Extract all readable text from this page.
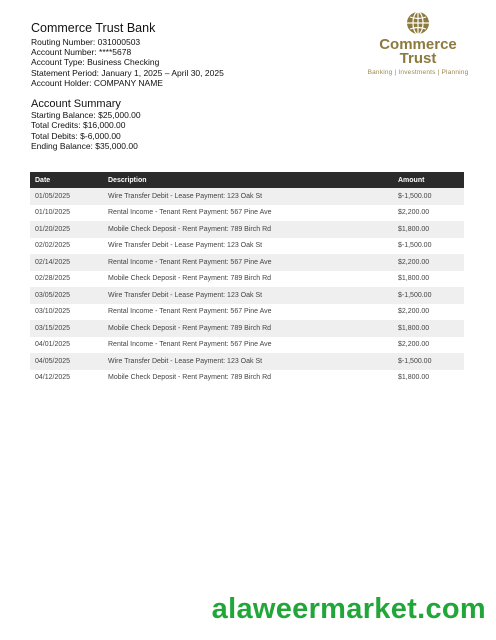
Commerce Trust Bank
Routing Number: 031000503
Account Number: ****5678
Account Type: Business Checking
Statement Period: January 1, 2025 – April 30, 2025
Account Holder: COMPANY NAME
Commerce
Trust
Banking | Investments | Planning
Account Summary
Starting Balance: $25,000.00
Total Credits: $16,000.00
Total Debits: $-6,000.00
Ending Balance: $35,000.00
Date	Description	Amount
01/05/2025	Wire Transfer Debit - Lease Payment: 123 Oak St	$-1,500.00
01/10/2025	Rental Income - Tenant Rent Payment: 567 Pine Ave	$2,200.00
01/20/2025	Mobile Check Deposit - Rent Payment: 789 Birch Rd	$1,800.00
02/02/2025	Wire Transfer Debit - Lease Payment: 123 Oak St	$-1,500.00
02/14/2025	Rental Income - Tenant Rent Payment: 567 Pine Ave	$2,200.00
02/28/2025	Mobile Check Deposit - Rent Payment: 789 Birch Rd	$1,800.00
03/05/2025	Wire Transfer Debit - Lease Payment: 123 Oak St	$-1,500.00
03/10/2025	Rental Income - Tenant Rent Payment: 567 Pine Ave	$2,200.00
03/15/2025	Mobile Check Deposit - Rent Payment: 789 Birch Rd	$1,800.00
04/01/2025	Rental Income - Tenant Rent Payment: 567 Pine Ave	$2,200.00
04/05/2025	Wire Transfer Debit - Lease Payment: 123 Oak St	$-1,500.00
04/12/2025	Mobile Check Deposit - Rent Payment: 789 Birch Rd	$1,800.00
alaweermarket.com
